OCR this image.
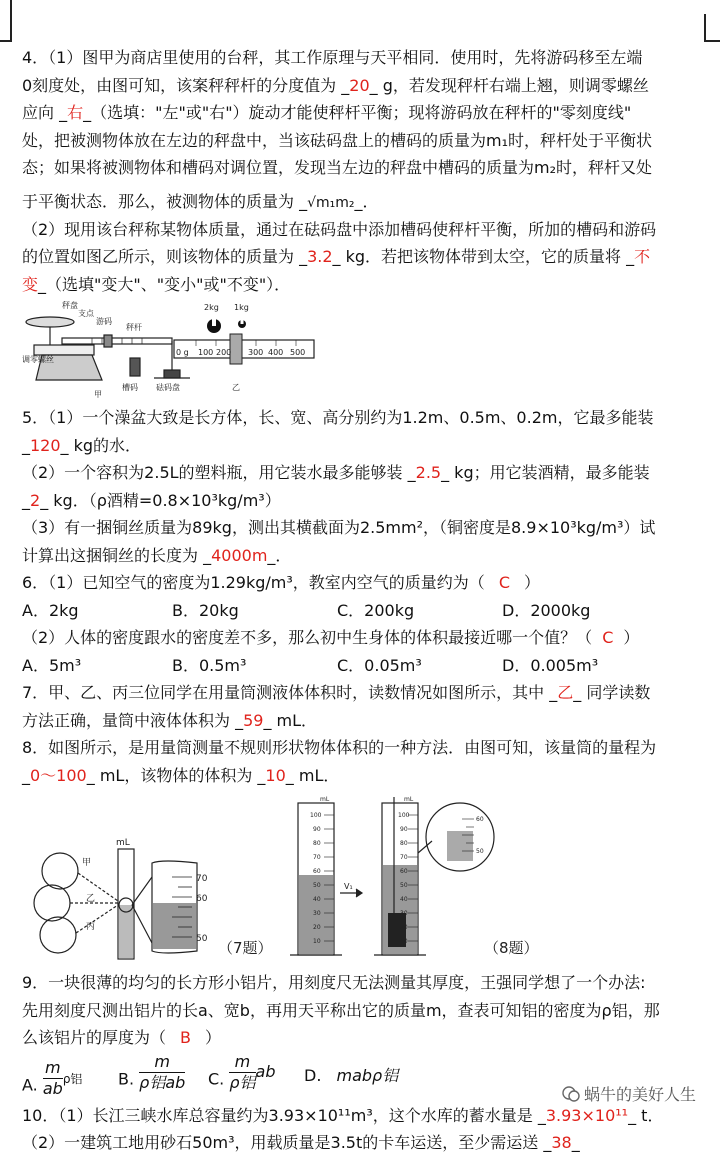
4．（1）图甲为商店里使用的台秤，其工作原理与天平相同．使用时，先将游码移至左端
0刻度处，由图可知，该案秤秤杆的分度值为 _20_ g，若发现秤杆右端上翘，则调零螺丝
应向 _右_（选填："左"或"右"）旋动才能使秤杆平衡；现将游码放在秤杆的"零刻度线"
处，把被测物体放在左边的秤盘中，当该砝码盘上的槽码的质量为m₁时，秤杆处于平衡状
态；如果将被测物体和槽码对调位置，发现当左边的秤盘中槽码的质量为m₂时，秤杆又处
于平衡状态．那么，被测物体的质量为 _√m₁m₂_．
（2）现用该台秤称某物体质量，通过在砝码盘中添加槽码使秤杆平衡，所加的槽码和游码
的位置如图乙所示，则该物体的质量为 _3.2_ kg．若把该物体带到太空，它的质量将 _不
变_（选填"变大"、"变小"或"不变"）．
秤盘
支点
游码
秤杆
调零螺丝
槽码 砝码盘
甲
2kg 1kg
0 g 100 200 300 400 500
乙
5．（1）一个澡盆大致是长方体，长、宽、高分别约为1.2m、0.5m、0.2m，它最多能装
_120_ kg的水．
（2）一个容积为2.5L的塑料瓶，用它装水最多能够装 _2.5_ kg；用它装酒精，最多能装
_2_ kg．（ρ酒精=0.8×10³kg/m³）
（3）有一捆铜丝质量为89kg，测出其横截面为2.5mm²，（铜密度是8.9×10³kg/m³）试
计算出这捆铜丝的长度为 _4000m_．
6．（1）已知空气的密度为1.29kg/m³，教室内空气的质量约为（ C ）
A．2kg	B．20kg	C．200kg	D．2000kg
（2）人体的密度跟水的密度差不多，那么初中生身体的体积最接近哪一个值？（ C ）
A．5m³	B．0.5m³	C．0.05m³	D．0.005m³
7．甲、乙、丙三位同学在用量筒测液体体积时，读数情况如图所示，其中 _乙_ 同学读数
方法正确，量筒中液体体积为 _59_ mL．
8．如图所示，是用量筒测量不规则形状物体体积的一种方法．由图可知，该量筒的量程为
_0～100_ mL，该物体的体积为 _10_ mL．
甲
乙
丙
mL
70
60
50
mL
100
90
80
70
60
50
40
30
20
10
mL
100
90
80
70
60
50
40
30
20
10
60
50
V₁
（7题）	（8题）
9．一块很薄的均匀的长方形小铝片，用刻度尺无法测量其厚度，王强同学想了一个办法:
先用刻度尺测出铝片的长a、宽b，再用天平称出它的质量m，查表可知铝的密度为ρ铝，那
么该铝片的厚度为（ B ）
A. $\frac{m}{ab}$ ρ铝 B. $\frac{m}{\text{ρ铝ab}} C$. $\frac{m}{\text{ρ铝}}$ ab D. mabρ铝
10．（1）长江三峡水库总容量约为3.93×10¹¹m³，这个水库的蓄水量是 _3.93×10¹¹_ t．
（2）一建筑工地用砂石50m³，用载质量是3.5t的卡车运送，至少需运送 _38_
蜗牛的美好人生
